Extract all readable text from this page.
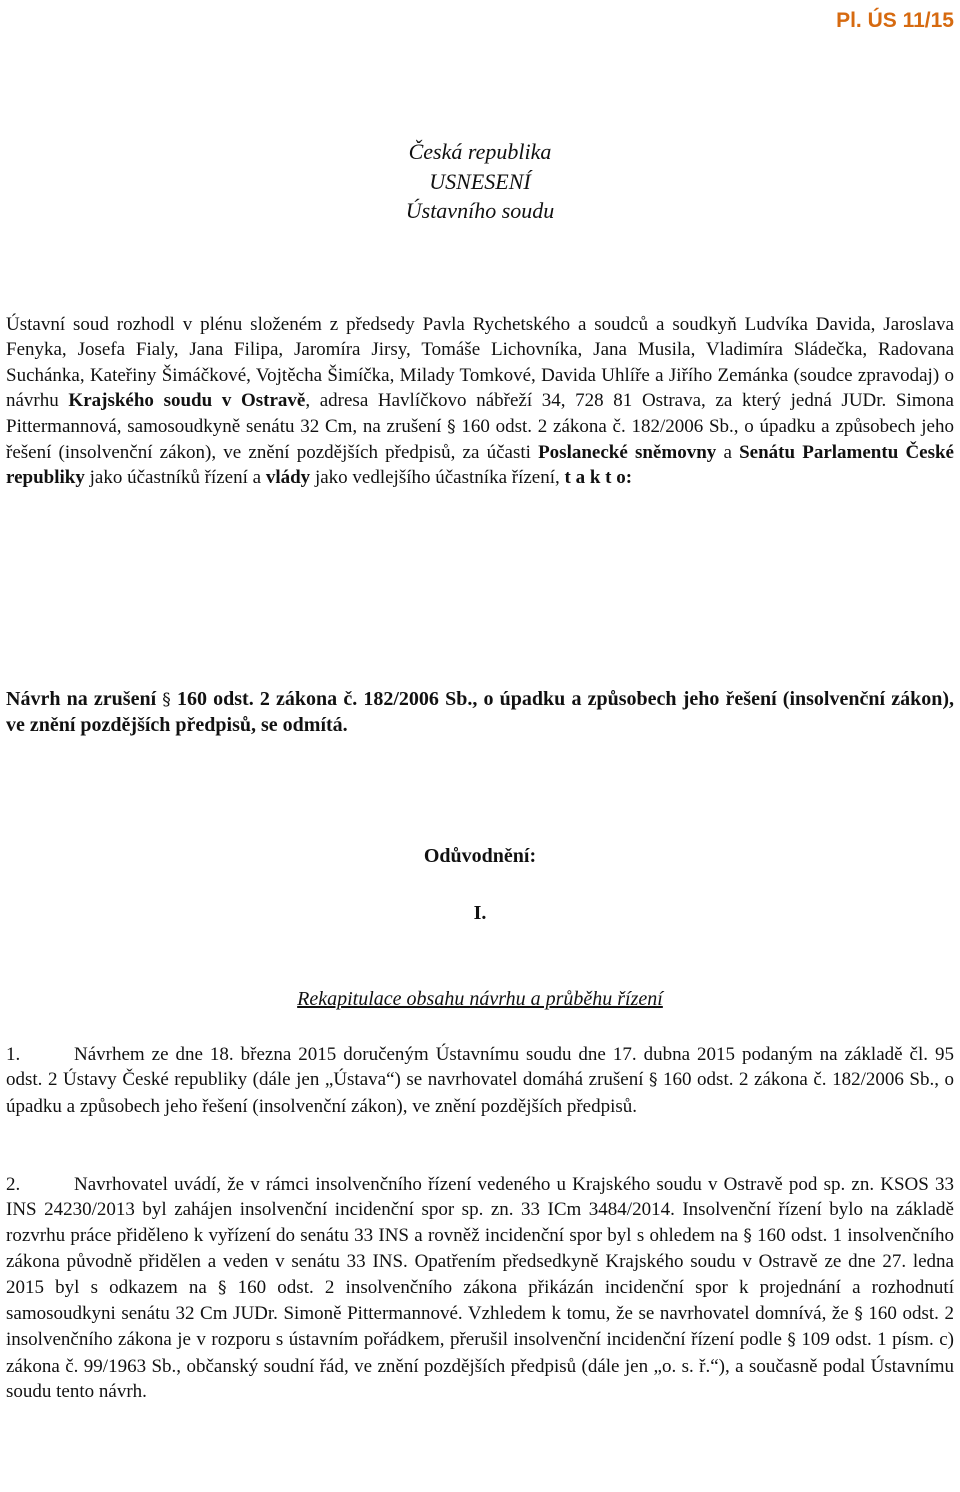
Pl. ÚS 11/15
Česká republika
USNESENÍ
Ústavního soudu
Ústavní soud rozhodl v plénu složeném z předsedy Pavla Rychetského a soudců a soudkyň Ludvíka Davida, Jaroslava Fenyka, Josefa Fialy, Jana Filipa, Jaromíra Jirsy, Tomáše Lichovníka, Jana Musila, Vladimíra Sládečka, Radovana Suchánka, Kateřiny Šimáčkové, Vojtěcha Šimíčka, Milady Tomkové, Davida Uhlíře a Jiřího Zemánka (soudce zpravodaj) o návrhu Krajského soudu v Ostravě, adresa Havlíčkovo nábřeží 34, 728 81 Ostrava, za který jedná JUDr. Simona Pittermannová, samosoudkyně senátu 32 Cm, na zrušení § 160 odst. 2 zákona č. 182/2006 Sb., o úpadku a způsobech jeho řešení (insolvenční zákon), ve znění pozdějších předpisů, za účasti Poslanecké sněmovny a Senátu Parlamentu České republiky jako účastníků řízení a vlády jako vedlejšího účastníka řízení, t a k t o:
Návrh na zrušení § 160 odst. 2 zákona č. 182/2006 Sb., o úpadku a způsobech jeho řešení (insolvenční zákon), ve znění pozdějších předpisů, se odmítá.
Odůvodnění:
I.
Rekapitulace obsahu návrhu a průběhu řízení
1.	Návrhem ze dne 18. března 2015 doručeným Ústavnímu soudu dne 17. dubna 2015 podaným na základě čl. 95 odst. 2 Ústavy České republiky (dále jen „Ústava“) se navrhovatel domáhá zrušení § 160 odst. 2 zákona č. 182/2006 Sb., o úpadku a způsobech jeho řešení (insolvenční zákon), ve znění pozdějších předpisů.
2.	Navrhovatel uvádí, že v rámci insolvenčního řízení vedeného u Krajského soudu v Ostravě pod sp. zn. KSOS 33 INS 24230/2013 byl zahájen insolvenční incidenční spor sp. zn. 33 ICm 3484/2014. Insolvenční řízení bylo na základě rozvrhu práce přiděleno k vyřízení do senátu 33 INS a rovněž incidenční spor byl s ohledem na § 160 odst. 1 insolvenčního zákona původně přidělen a veden v senátu 33 INS. Opatřením předsedkyně Krajského soudu v Ostravě ze dne 27. ledna 2015 byl s odkazem na § 160 odst. 2 insolvenčního zákona přikázán incidenční spor k projednání a rozhodnutí samosoudkyni senátu 32 Cm JUDr. Simoně Pittermannové. Vzhledem k tomu, že se navrhovatel domnívá, že § 160 odst. 2 insolvenčního zákona je v rozporu s ústavním pořádkem, přerušil insolvenční incidenční řízení podle § 109 odst. 1 písm. c) zákona č. 99/1963 Sb., občanský soudní řád, ve znění pozdějších předpisů (dále jen „o. s. ř.“), a současně podal Ústavnímu soudu tento návrh.
